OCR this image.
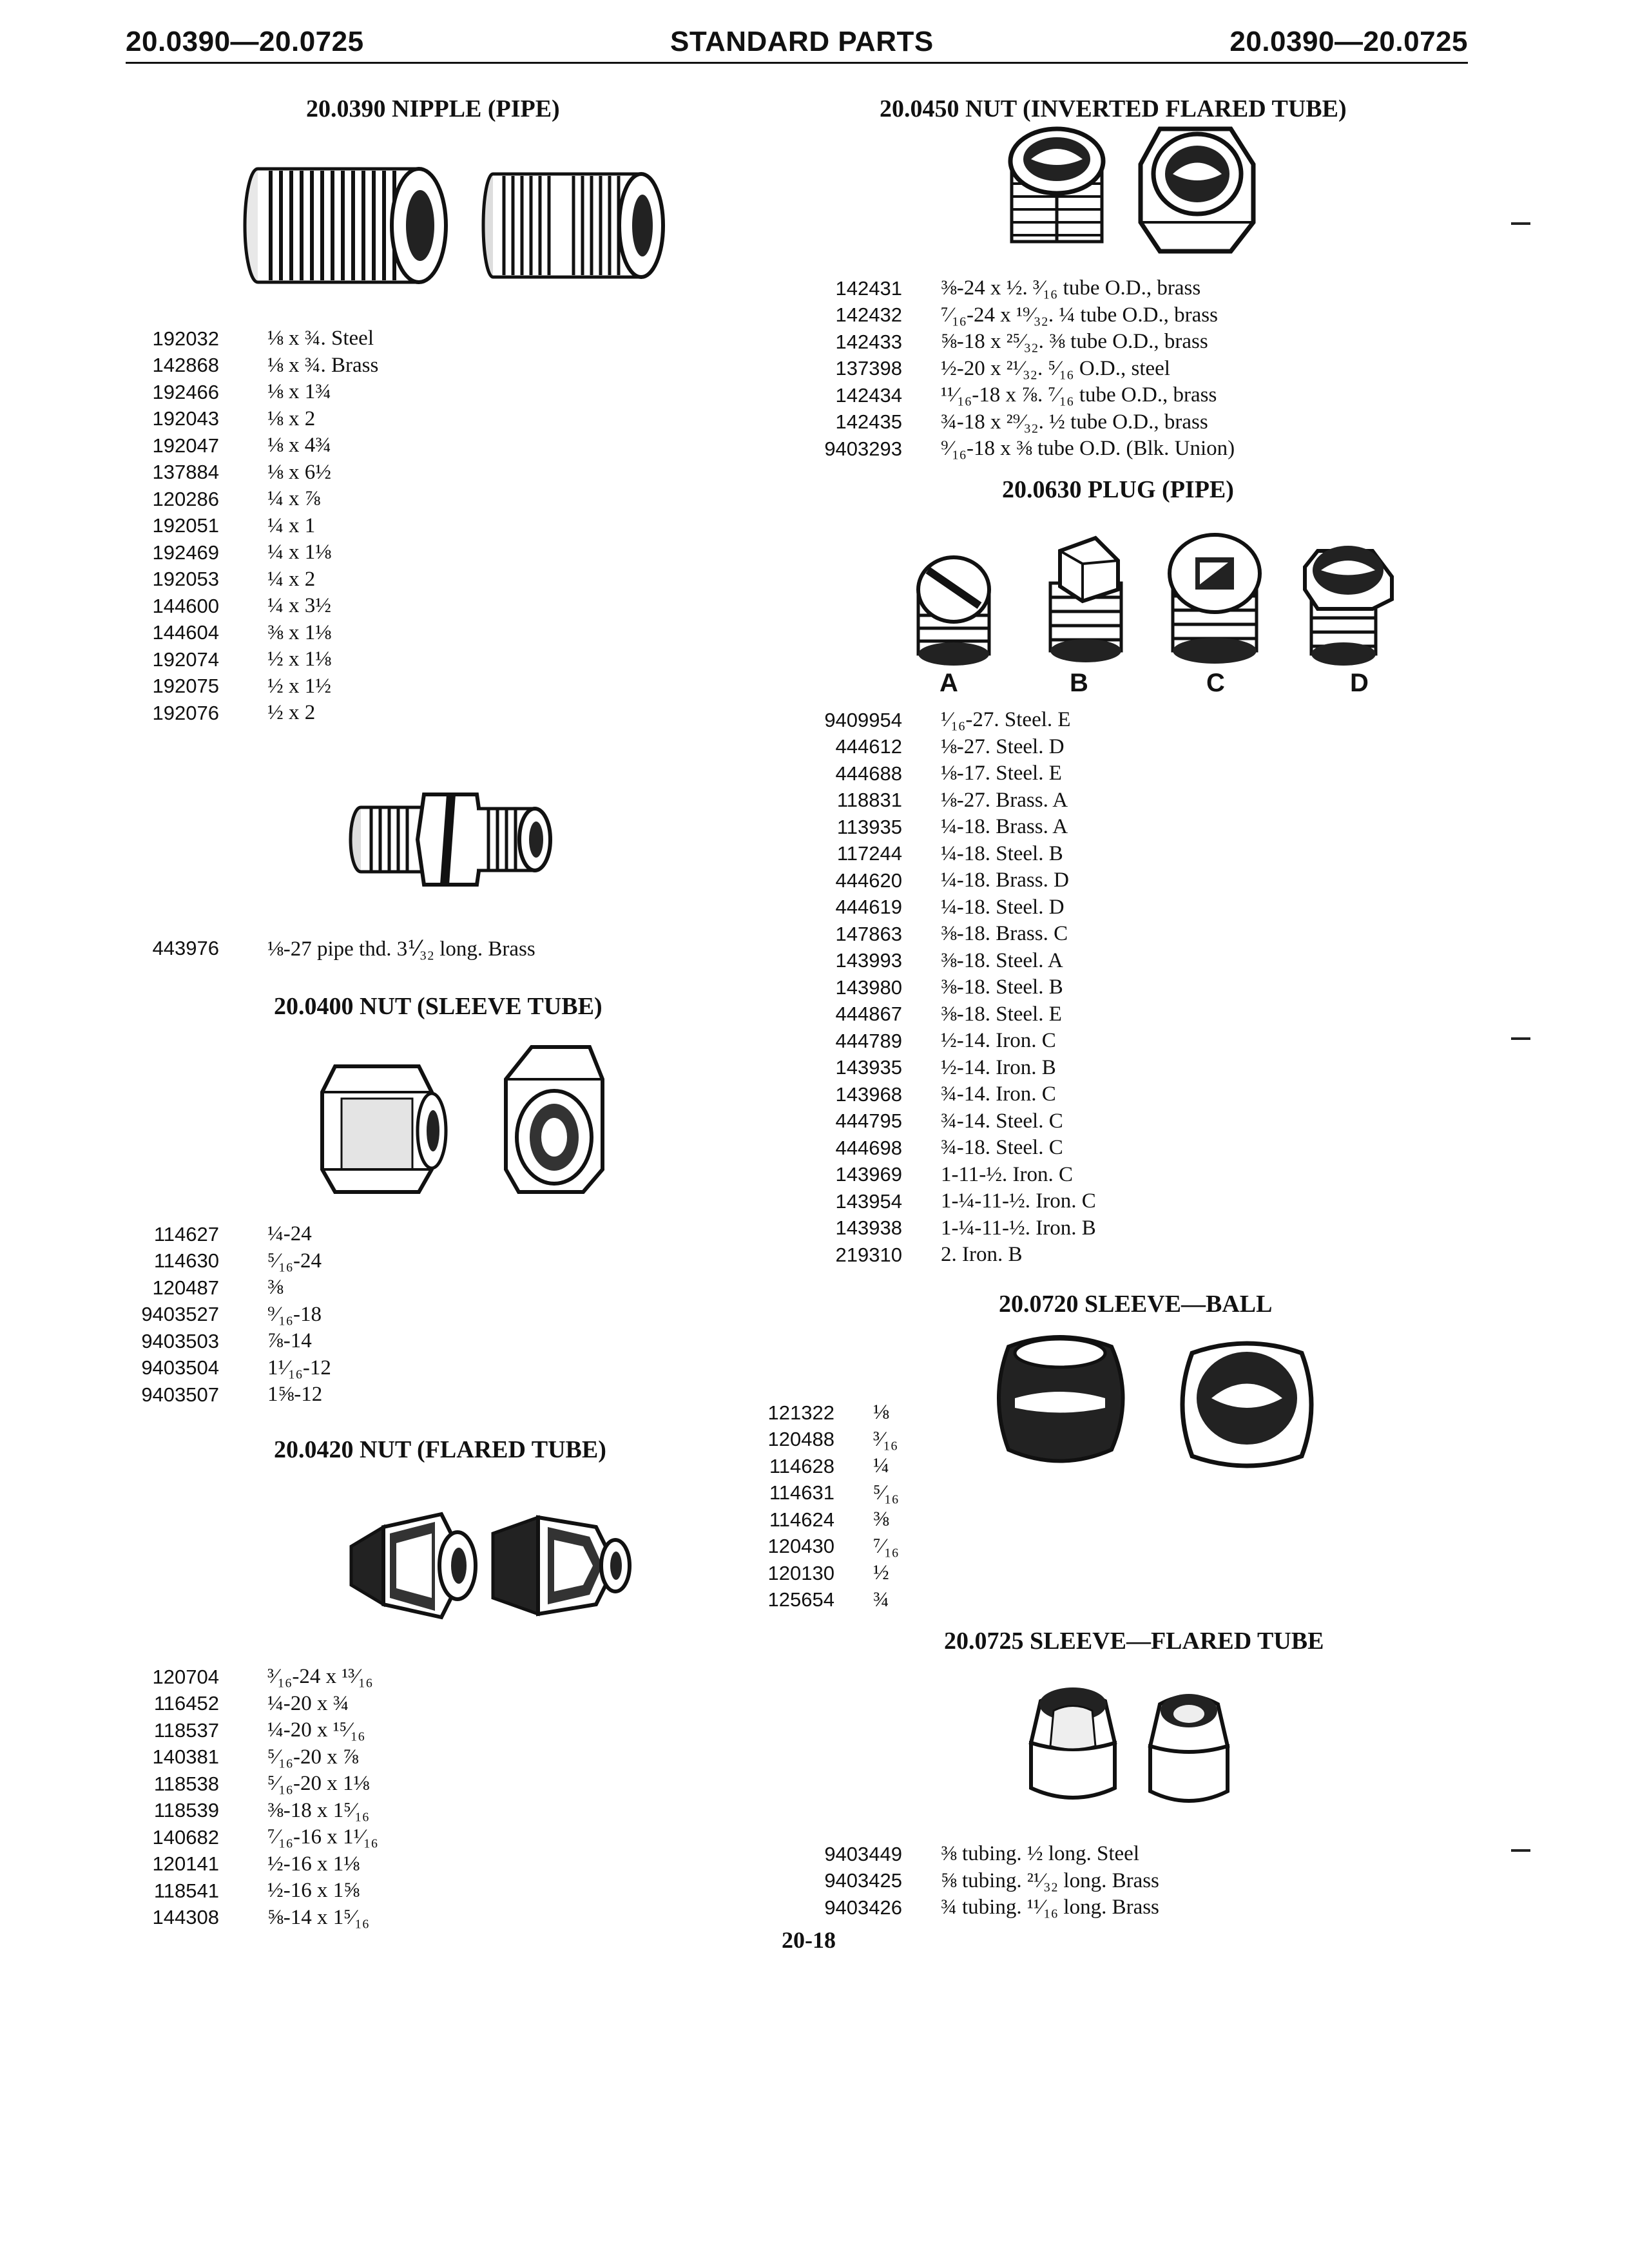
20.0390—20.0725	STANDARD PARTS	20.0390—20.0725
20.0390 NIPPLE (PIPE)
192032 ⅛ x ¾. Steel
142868 ⅛ x ¾. Brass
192466 ⅛ x 1¾
192043 ⅛ x 2
192047 ⅛ x 4¾
137884 ⅛ x 6½
120286 ¼ x ⅞
192051 ¼ x 1
192469 ¼ x 1⅛
192053 ¼ x 2
144600 ¼ x 3½
144604 ⅜ x 1⅛
192074 ½ x 1⅛
192075 ½ x 1½
192076 ½ x 2
443976 ⅛-27 pipe thd. 3⅟₃₂ long. Brass
20.0400 NUT (SLEEVE TUBE)
114627 ¼-24
114630 ⁵⁄₁₆-24
120487 ⅜
9403527 ⁹⁄₁₆-18
9403503 ⅞-14
9403504 1¹⁄₁₆-12
9403507 1⅝-12
20.0420 NUT (FLARED TUBE)
120704 ³⁄₁₆-24 x ¹³⁄₁₆
116452 ¼-20 x ¾
118537 ¼-20 x ¹⁵⁄₁₆
140381 ⁵⁄₁₆-20 x ⅞
118538 ⁵⁄₁₆-20 x 1⅛
118539 ⅜-18 x 1⁵⁄₁₆
140682 ⁷⁄₁₆-16 x 1¹⁄₁₆
120141 ½-16 x 1⅛
118541 ½-16 x 1⅝
144308 ⅝-14 x 1⁵⁄₁₆
20.0450 NUT (INVERTED FLARED TUBE)
142431 ⅜-24 x ½. ³⁄₁₆ tube O.D., brass
142432 ⁷⁄₁₆-24 x ¹⁹⁄₃₂. ¼ tube O.D., brass
142433 ⅝-18 x ²⁵⁄₃₂. ⅜ tube O.D., brass
137398 ½-20 x ²¹⁄₃₂. ⁵⁄₁₆ O.D., steel
142434 ¹¹⁄₁₆-18 x ⅞. ⁷⁄₁₆ tube O.D., brass
142435 ¾-18 x ²⁹⁄₃₂. ½ tube O.D., brass
9403293 ⁹⁄₁₆-18 x ⅜ tube O.D. (Blk. Union)
20.0630 PLUG (PIPE)
A	B	C	D
9409954 ¹⁄₁₆-27. Steel. E
444612 ⅛-27. Steel. D
444688 ⅛-17. Steel. E
118831 ⅛-27. Brass. A
113935 ¼-18. Brass. A
117244 ¼-18. Steel. B
444620 ¼-18. Brass. D
444619 ¼-18. Steel. D
147863 ⅜-18. Brass. C
143993 ⅜-18. Steel. A
143980 ⅜-18. Steel. B
444867 ⅜-18. Steel. E
444789 ½-14. Iron. C
143935 ½-14. Iron. B
143968 ¾-14. Iron. C
444795 ¾-14. Steel. C
444698 ¾-18. Steel. C
143969 1-11-½. Iron. C
143954 1-¼-11-½. Iron. C
143938 1-¼-11-½. Iron. B
219310 2. Iron. B
20.0720 SLEEVE—BALL
121322 ⅛
120488 ³⁄₁₆
114628 ¼
114631 ⁵⁄₁₆
114624 ⅜
120430 ⁷⁄₁₆
120130 ½
125654 ¾
20.0725 SLEEVE—FLARED TUBE
9403449 ⅜ tubing. ½ long. Steel
9403425 ⅝ tubing. ²¹⁄₃₂ long. Brass
9403426 ¾ tubing. ¹¹⁄₁₆ long. Brass
20-18
